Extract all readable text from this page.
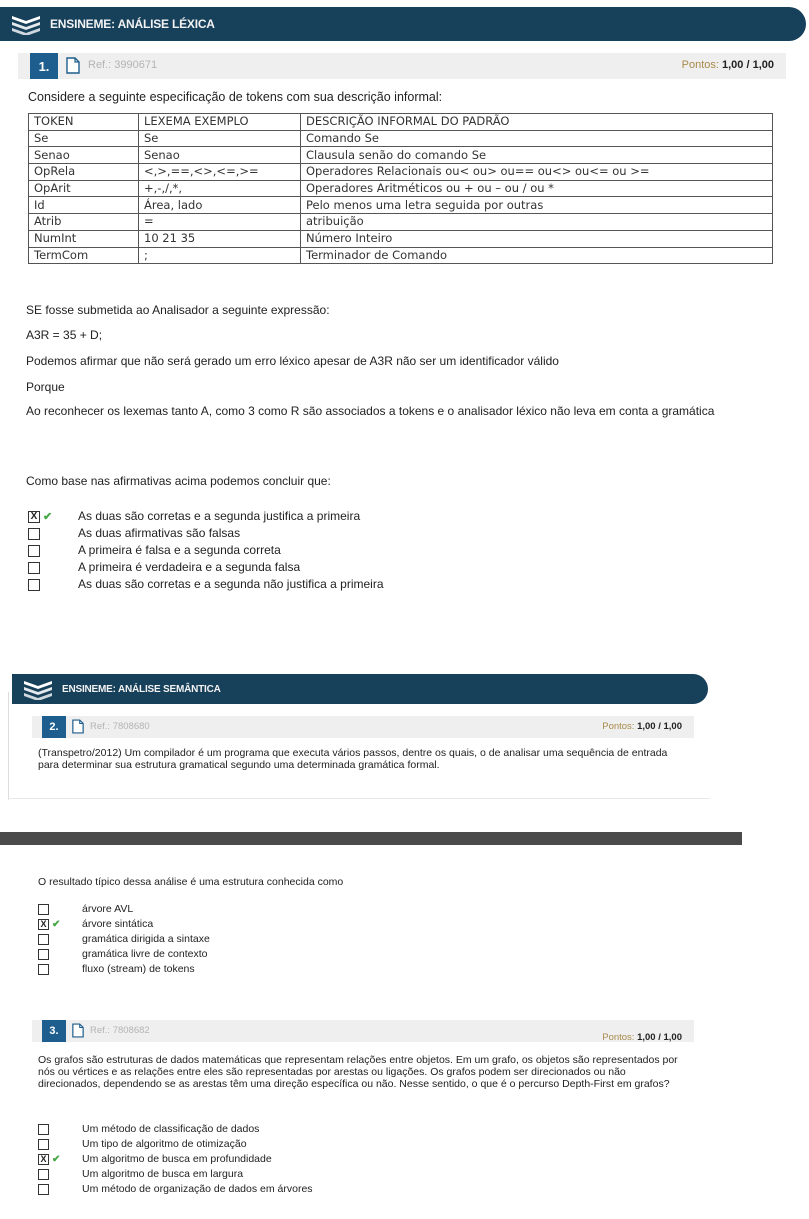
ENSINEME: ANÁLISE LÉXICA
1.	Ref.: 3990671	Pontos: 1,00 / 1,00
Considere a seguinte especificação de tokens com sua descrição informal:
TOKEN	LEXEMA EXEMPLO	DESCRIÇÃO INFORMAL DO PADRÃO
Se	Se	Comando Se
Senao	Senao	Clausula senão do comando Se
OpRela	<,>,==,<>,<=,>=	Operadores Relacionais ou< ou> ou== ou<> ou<= ou >=
OpArit	+,-,/,*,	Operadores Aritméticos ou + ou – ou / ou *
Id	Área, lado	Pelo menos uma letra seguida por outras
Atrib	=	atribuição
NumInt	10 21 35	Número Inteiro
TermCom	;	Terminador de Comando
SE fosse submetida ao Analisador a seguinte expressão:
A3R = 35 + D;
Podemos afirmar que não será gerado um erro léxico apesar de A3R não ser um identificador válido
Porque
Ao reconhecer os lexemas tanto A, como 3 como R são associados a tokens e o analisador léxico não leva em conta a gramática
Como base nas afirmativas acima podemos concluir que:
X ✔ As duas são corretas e a segunda justifica a primeira
As duas afirmativas são falsas
A primeira é falsa e a segunda correta
A primeira é verdadeira e a segunda falsa
As duas são corretas e a segunda não justifica a primeira
ENSINEME: ANÁLISE SEMÂNTICA
2.	Ref.: 7808680	Pontos: 1,00 / 1,00
(Transpetro/2012) Um compilador é um programa que executa vários passos, dentre os quais, o de analisar uma sequência de entrada para determinar sua estrutura gramatical segundo uma determinada gramática formal.
O resultado típico dessa análise é uma estrutura conhecida como
árvore AVL
X ✔ árvore sintática
gramática dirigida a sintaxe
gramática livre de contexto
fluxo (stream) de tokens
3.	Ref.: 7808682
Pontos: 1,00 / 1,00
Os grafos são estruturas de dados matemáticas que representam relações entre objetos. Em um grafo, os objetos são representados por nós ou vértices e as relações entre eles são representadas por arestas ou ligações. Os grafos podem ser direcionados ou não direcionados, dependendo se as arestas têm uma direção específica ou não. Nesse sentido, o que é o percurso Depth-First em grafos?
Um método de classificação de dados
Um tipo de algoritmo de otimização
X ✔ Um algoritmo de busca em profundidade
Um algoritmo de busca em largura
Um método de organização de dados em árvores
